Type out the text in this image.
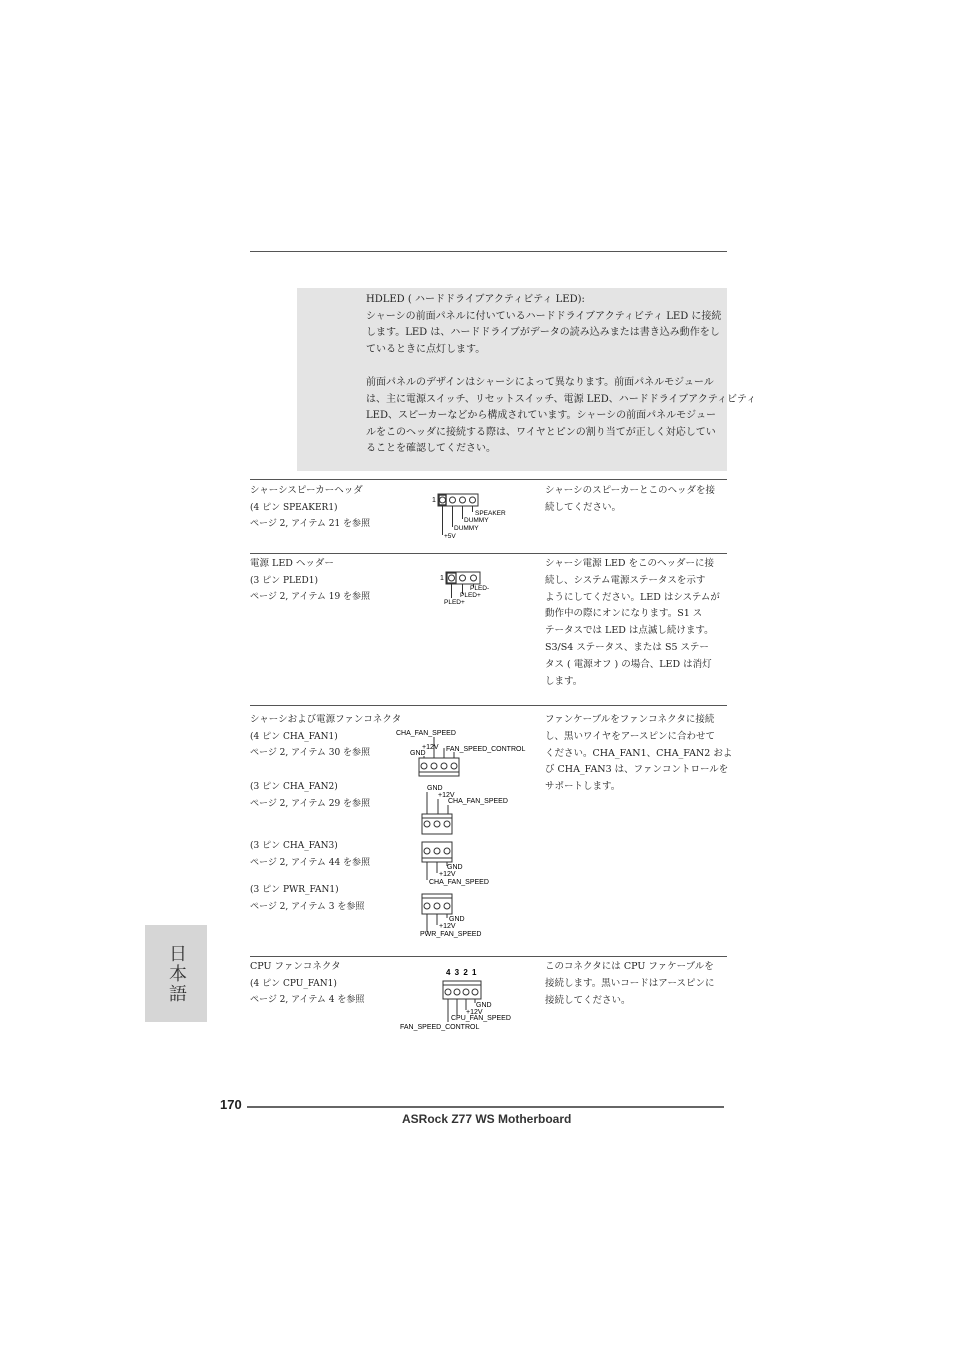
HDLED ( ハードドライブアクティビティ LED):
シャーシの前面パネルに付いているハードドライブアクティビティ LED に接続
します。LED は、ハードドライブがデータの読み込みまたは書き込み動作をし
ているときに点灯します。

前面パネルのデザインはシャーシによって異なります。前面パネルモジュール
は、主に電源スイッチ、リセットスイッチ、電源 LED、ハードドライブアクティビティ
LED、スピーカーなどから構成されています。シャーシの前面パネルモジュー
ルをこのヘッダに接続する際は、ワイヤとピンの割り当てが正しく対応してい
ることを確認してください。
シャーシスピーカーヘッダ
(4 ピン SPEAKER1)
ページ 2, アイテム 21 を参照
1
SPEAKER
DUMMY
DUMMY
+5V
シャーシのスピーカーとこのヘッダを接
続してください。
電源 LED ヘッダー
(3 ピン PLED1)
ページ 2, アイテム 19 を参照
1
PLED-
PLED+
PLED+
シャーシ電源 LED をこのヘッダーに接
続し、システム電源ステータスを示す
ようにしてください。LED はシステムが
動作中の際にオンになります。S1 ス
テータスでは LED は点滅し続けます。
S3/S4 ステータス、または S5 ステー
タス ( 電源オフ ) の場合、LED は消灯
します。
シャーシおよび電源ファンコネクタ
(4 ピン CHA_FAN1)
ページ 2, アイテム 30 を参照
(3 ピン CHA_FAN2)
ページ 2, アイテム 29 を参照
(3 ピン CHA_FAN3)
ページ 2, アイテム 44 を参照
(3 ピン PWR_FAN1)
ページ 2, アイテム 3 を参照
CHA_FAN_SPEED
+12V FAN_SPEED_CONTROL
GND
GND
+12V
CHA_FAN_SPEED
GND
+12V
CHA_FAN_SPEED
GND
+12V
PWR_FAN_SPEED
ファンケーブルをファンコネクタに接続
し、黒いワイヤをアースピンに合わせて
ください。CHA_FAN1、CHA_FAN2 およ
び CHA_FAN3 は、ファンコントロールを
サポートします。
CPU ファンコネクタ
(4 ピン CPU_FAN1)
ページ 2, アイテム 4 を参照
4 3 2 1
GND
+12V
CPU_FAN_SPEED
FAN_SPEED_CONTROL
このコネクタには CPU ファケーブルを
接続します。黒いコードはアースピンに
接続してください。
日本語
170
ASRock Z77 WS Motherboard
